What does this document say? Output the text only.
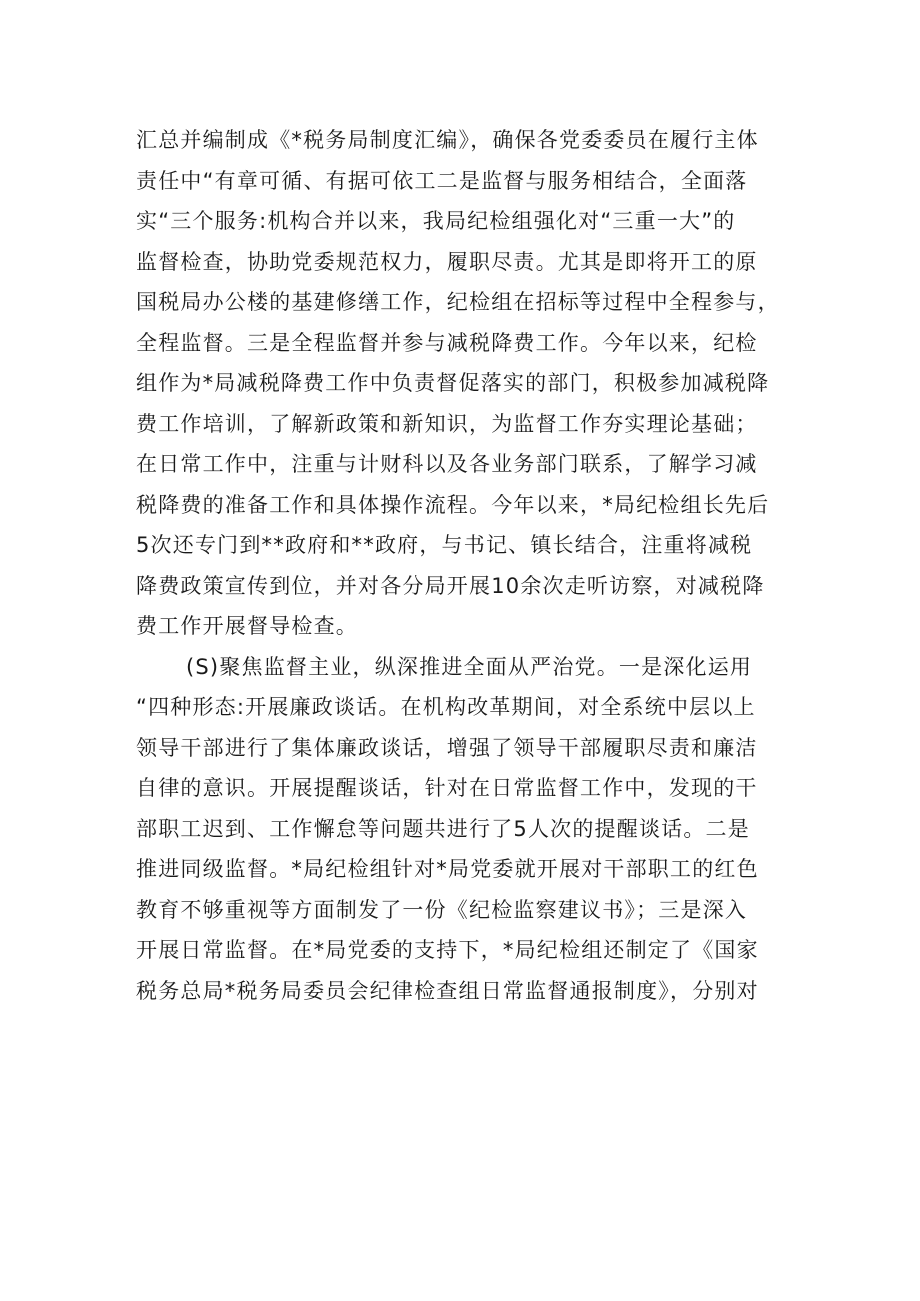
汇总并编制成《*税务局制度汇编》，确保各党委委员在履行主体
责任中“有章可循、有据可依工二是监督与服务相结合，全面落
实“三个服务:机构合并以来，我局纪检组强化对“三重一大”的
监督检查，协助党委规范权力，履职尽责。尤其是即将开工的原
国税局办公楼的基建修缮工作，纪检组在招标等过程中全程参与，
全程监督。三是全程监督并参与减税降费工作。今年以来，纪检
组作为*局减税降费工作中负责督促落实的部门，积极参加减税降
费工作培训，了解新政策和新知识，为监督工作夯实理论基础；
在日常工作中，注重与计财科以及各业务部门联系，了解学习减
税降费的准备工作和具体操作流程。今年以来，*局纪检组长先后
5次还专门到**政府和**政府，与书记、镇长结合，注重将减税
降费政策宣传到位，并对各分局开展10余次走听访察，对减税降
费工作开展督导检查。
(S)聚焦监督主业，纵深推进全面从严治党。一是深化运用
“四种形态:开展廉政谈话。在机构改革期间，对全系统中层以上
领导干部进行了集体廉政谈话，增强了领导干部履职尽责和廉洁
自律的意识。开展提醒谈话，针对在日常监督工作中，发现的干
部职工迟到、工作懈怠等问题共进行了5人次的提醒谈话。二是
推进同级监督。*局纪检组针对*局党委就开展对干部职工的红色
教育不够重视等方面制发了一份《纪检监察建议书》；三是深入
开展日常监督。在*局党委的支持下，*局纪检组还制定了《国家
税务总局*税务局委员会纪律检查组日常监督通报制度》，分别对
